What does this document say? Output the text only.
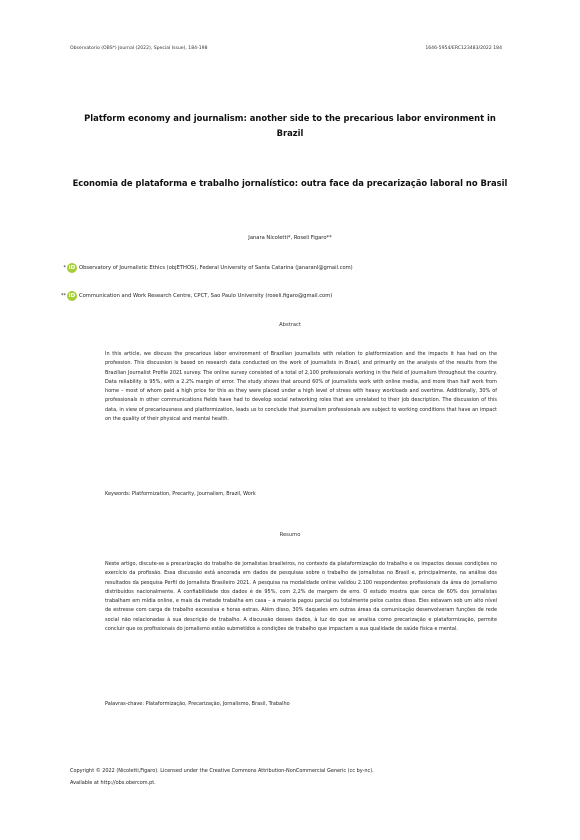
Observatorio (OBS*) Journal (2022), Special Issue), 184-198	1646-5954/ERC123483/2022 184
Platform economy and journalism: another side to the precarious labor environment in Brazil
Economia de plataforma e trabalho jornalístico: outra face da precarização laboral no Brasil
Janara Nicoletti*, Roseli Figaro**
* iD Observatory of Journalistic Ethics (objETHOS), Federal University of Santa Catarina (janaranl@gmail.com)
** iD Communication and Work Research Centre, CPCT, Sao Paulo University (roseli.figaro@gmail.com)
Abstract

In this article, we discuss the precarious labor environment of Brazilian journalists with relation to platformization and the impacts it has had on the profession. This discussion is based on research data conducted on the work of journalists in Brazil, and primarily on the analysis of the results from the Brazilian Journalist Profile 2021 survey. The online survey consisted of a total of 2,100 professionals working in the field of journalism throughout the country. Data reliability is 95%, with a 2.2% margin of error. The study shows that around 60% of journalists work with online media, and more than half work from home – most of whom paid a high price for this as they were placed under a high level of stress with heavy workloads and overtime. Additionally, 30% of professionals in other communications fields have had to develop social networking roles that are unrelated to their job description. The discussion of this data, in view of precariousness and platformization, leads us to conclude that journalism professionals are subject to working conditions that have an impact on the quality of their physical and mental health.

Keywords: Platformization, Precarity, Journalism, Brazil, Work
Resumo

Neste artigo, discute-se a precarização do trabalho de jornalistas brasileiros, no contexto da plataformização do trabalho e os impactos dessas condições no exercício da profissão. Essa discussão está ancorada em dados de pesquisas sobre o trabalho de jornalistas no Brasil e, principalmente, na análise dos resultados da pesquisa Perfil do Jornalista Brasileiro 2021. A pesquisa na modalidade online validou 2.100 respondentes profissionais da área do jornalismo distribuídos nacionalmente. A confiabilidade dos dados é de 95%, com 2,2% de margem de erro. O estudo mostra que cerca de 60% dos jornalistas trabalham em mídia online, e mais da metade trabalha em casa – a maioria pagou parcial ou totalmente pelos custos disso. Eles estavam sob um alto nível de estresse com carga de trabalho excessiva e horas extras. Além disso, 30% daqueles em outras áreas da comunicação desenvolveram funções de rede social não relacionadas à sua descrição de trabalho. A discussão desses dados, à luz do que se analisa como precarização e plataformização, permite concluir que os profissionais do jornalismo estão submetidos a condições de trabalho que impactam a sua qualidade de saúde física e mental.

Palavras-chave: Plataformização, Precarização, Jornalismo, Brasil, Trabalho
Copyright © 2022 (Nicoletti,Figaro). Licensed under the Creative Commons Attribution-NonCommercial Generic (cc by-nc).
Available at http://obs.obercom.pt.
